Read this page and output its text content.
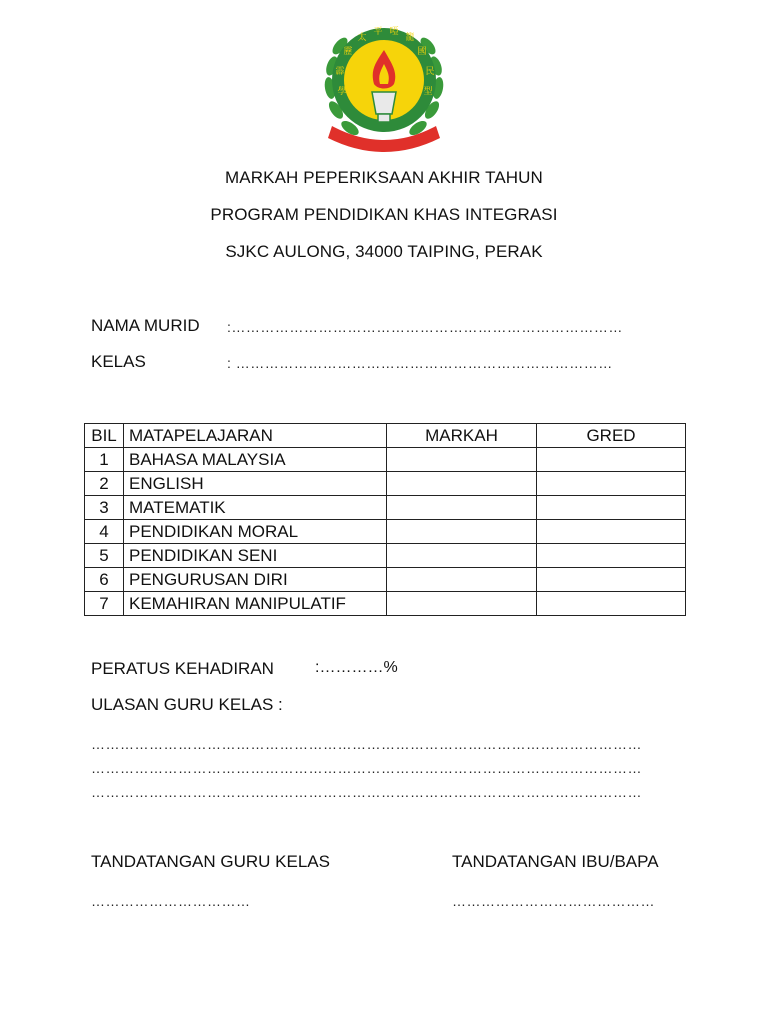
靂
太
平 啞
籠
國
霹	民
學	型
MARKAH PEPERIKSAAN AKHIR TAHUN
PROGRAM PENDIDIKAN KHAS INTEGRASI
SJKC AULONG, 34000 TAIPING, PERAK
NAMA MURID :………………………………………………………………………
KELAS	: ……………………………………………………………………
BIL	MATAPELAJARAN	MARKAH	GRED
1	BAHASA MALAYSIA		
2	ENGLISH		
3	MATEMATIK		
4	PENDIDIKAN MORAL		
5	PENDIDIKAN SENI		
6	PENGURUSAN DIRI		
7	KEMAHIRAN MANIPULATIF		
PERATUS KEHADIRAN	:…………%
ULASAN GURU KELAS :
……………………………………………………………………………………………………
……………………………………………………………………………………………………
……………………………………………………………………………………………………
TANDATANGAN GURU KELAS
……………………………
TANDATANGAN IBU/BAPA
……………………………………
